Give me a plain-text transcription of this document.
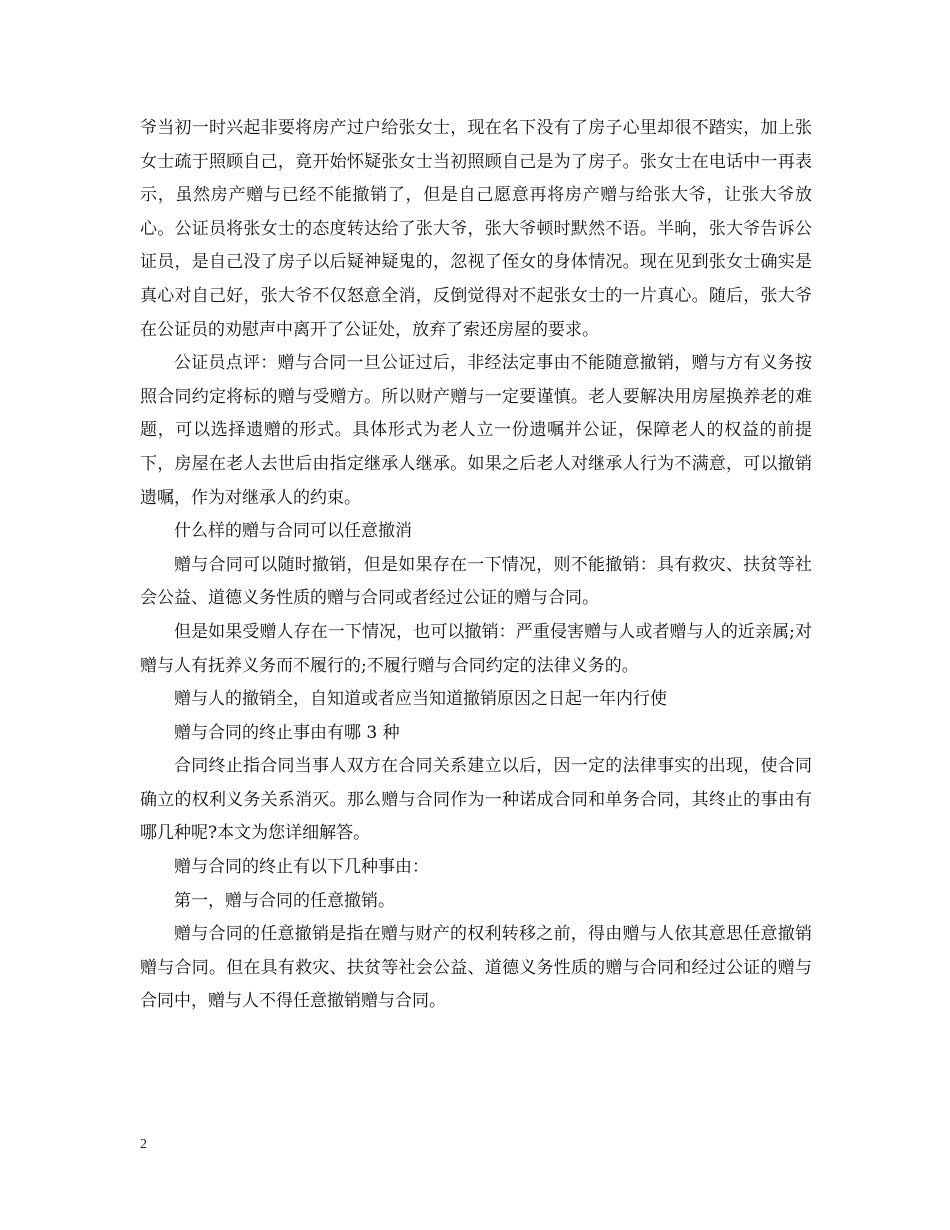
爷当初一时兴起非要将房产过户给张女士，现在名下没有了房子心里却很不踏实，加上张女士疏于照顾自己，竟开始怀疑张女士当初照顾自己是为了房子。张女士在电话中一再表示，虽然房产赠与已经不能撤销了，但是自己愿意再将房产赠与给张大爷，让张大爷放心。公证员将张女士的态度转达给了张大爷，张大爷顿时默然不语。半晌，张大爷告诉公证员，是自己没了房子以后疑神疑鬼的，忽视了侄女的身体情况。现在见到张女士确实是真心对自己好，张大爷不仅怒意全消，反倒觉得对不起张女士的一片真心。随后，张大爷在公证员的劝慰声中离开了公证处，放弃了索还房屋的要求。

公证员点评：赠与合同一旦公证过后，非经法定事由不能随意撤销，赠与方有义务按照合同约定将标的赠与受赠方。所以财产赠与一定要谨慎。老人要解决用房屋换养老的难题，可以选择遗赠的形式。具体形式为老人立一份遗嘱并公证，保障老人的权益的前提下，房屋在老人去世后由指定继承人继承。如果之后老人对继承人行为不满意，可以撤销遗嘱，作为对继承人的约束。

什么样的赠与合同可以任意撤消

赠与合同可以随时撤销，但是如果存在一下情况，则不能撤销：具有救灾、扶贫等社会公益、道德义务性质的赠与合同或者经过公证的赠与合同。

但是如果受赠人存在一下情况，也可以撤销：严重侵害赠与人或者赠与人的近亲属;对赠与人有抚养义务而不履行的;不履行赠与合同约定的法律义务的。

赠与人的撤销全，自知道或者应当知道撤销原因之日起一年内行使

赠与合同的终止事由有哪 3 种

合同终止指合同当事人双方在合同关系建立以后，因一定的法律事实的出现，使合同确立的权利义务关系消灭。那么赠与合同作为一种诺成合同和单务合同，其终止的事由有哪几种呢?本文为您详细解答。

赠与合同的终止有以下几种事由：

第一，赠与合同的任意撤销。

赠与合同的任意撤销是指在赠与财产的权利转移之前，得由赠与人依其意思任意撤销赠与合同。但在具有救灾、扶贫等社会公益、道德义务性质的赠与合同和经过公证的赠与合同中，赠与人不得任意撤销赠与合同。

2
